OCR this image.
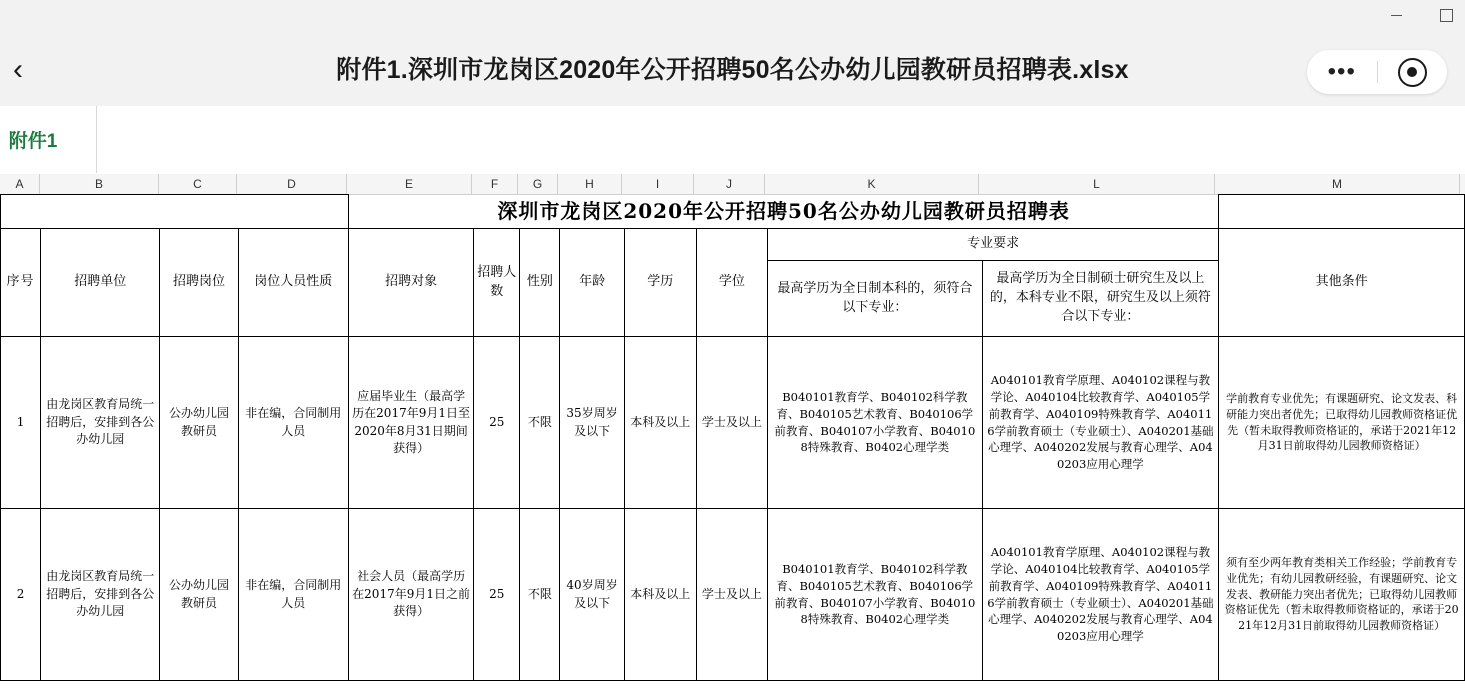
‹	附件1.深圳市龙岗区2020年公开招聘50名公办幼儿园教研员招聘表.xlsx	•••
附件1
A	B	C	D	E	F	G	H	I	J	K	L	M
				深圳市龙岗区2020年公开招聘50名公办幼儿园教研员招聘表								
序号	招聘单位	招聘岗位	岗位人员性质	招聘对象	招聘人数	性别	年龄	学历	学位	专业要求		其他条件
										最高学历为全日制本科的，须符合以下专业：	最高学历为全日制硕士研究生及以上的，本科专业不限，研究生及以上须符合以下专业：	
1	由龙岗区教育局统一招聘后，安排到各公办幼儿园	公办幼儿园教研员	非在编，合同制用人员	应届毕业生（最高学历在2017年9月1日至2020年8月31日期间获得）	25	不限	35岁周岁及以下	本科及以上	学士及以上	B040101教育学、B040102科学教育、B040105艺术教育、B040106学前教育、B040107小学教育、B040108特殊教育、B0402心理学类	A040101教育学原理、A040102课程与教学论、A040104比较教育学、A040105学前教育学、A040109特殊教育学、A040116学前教育硕士（专业硕士）、A040201基础心理学、A040202发展与教育心理学、A040203应用心理学	学前教育专业优先；有课题研究、论文发表、科研能力突出者优先；已取得幼儿园教师资格证优先（暂未取得教师资格证的，承诺于2021年12月31日前取得幼儿园教师资格证）
2	由龙岗区教育局统一招聘后，安排到各公办幼儿园	公办幼儿园教研员	非在编，合同制用人员	社会人员（最高学历在2017年9月1日之前获得）	25	不限	40岁周岁及以下	本科及以上	学士及以上	B040101教育学、B040102科学教育、B040105艺术教育、B040106学前教育、B040107小学教育、B040108特殊教育、B0402心理学类	A040101教育学原理、A040102课程与教学论、A040104比较教育学、A040105学前教育学、A040109特殊教育学、A040116学前教育硕士（专业硕士）、A040201基础心理学、A040202发展与教育心理学、A040203应用心理学	须有至少两年教育类相关工作经验；学前教育专业优先；有幼儿园教研经验，有课题研究、论文发表、教研能力突出者优先；已取得幼儿园教师资格证优先（暂未取得教师资格证的，承诺于2021年12月31日前取得幼儿园教师资格证）
